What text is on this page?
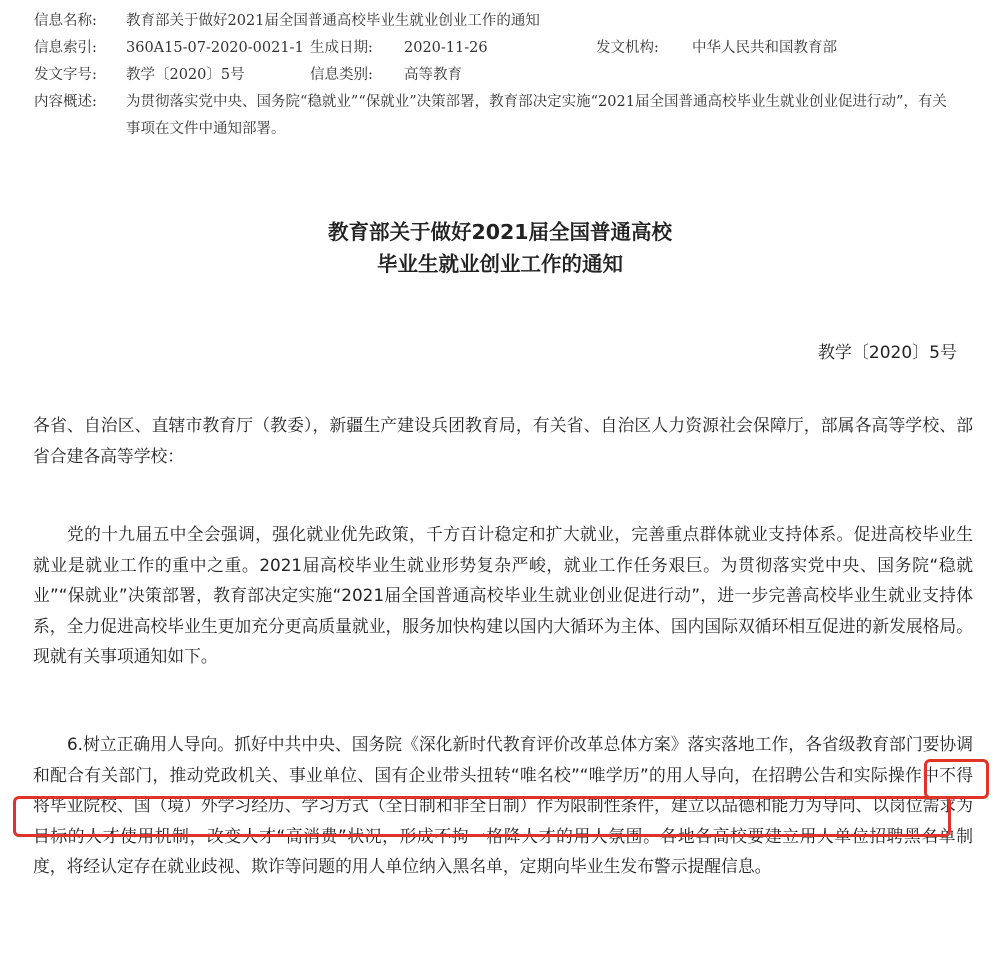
信息名称:	教育部关于做好2021届全国普通高校毕业生就业创业工作的通知
信息索引:	360A15-07-2020-0021-1 生成日期: 2020-11-26	发文机构: 中华人民共和国教育部
发文字号:	教学〔2020〕5号	信息类别: 高等教育
内容概述:	为贯彻落实党中央、国务院“稳就业”“保就业”决策部署，教育部决定实施“2021届全国普通高校毕业生就业创业促进行动”，有关事项在文件中通知部署。
教育部关于做好2021届全国普通高校
毕业生就业创业工作的通知
教学〔2020〕5号

各省、自治区、直辖市教育厅（教委），新疆生产建设兵团教育局，有关省、自治区人力资源社会保障厅，部属各高等学校、部省合建各高等学校：

党的十九届五中全会强调，强化就业优先政策，千方百计稳定和扩大就业，完善重点群体就业支持体系。促进高校毕业生就业是就业工作的重中之重。2021届高校毕业生就业形势复杂严峻，就业工作任务艰巨。为贯彻落实党中央、国务院“稳就业”“保就业”决策部署，教育部决定实施“2021届全国普通高校毕业生就业创业促进行动”，进一步完善高校毕业生就业支持体系，全力促进高校毕业生更加充分更高质量就业，服务加快构建以国内大循环为主体、国内国际双循环相互促进的新发展格局。现就有关事项通知如下。

6.树立正确用人导向。抓好中共中央、国务院《深化新时代教育评价改革总体方案》落实落地工作，各省级教育部门要协调和配合有关部门，推动党政机关、事业单位、国有企业带头扭转“唯名校”“唯学历”的用人导向，在招聘公告和实际操作中不得将毕业院校、国（境）外学习经历、学习方式（全日制和非全日制）作为限制性条件，建立以品德和能力为导向、以岗位需求为目标的人才使用机制，改变人才“高消费”状况，形成不拘一格降人才的用人氛围。各地各高校要建立用人单位招聘黑名单制度，将经认定存在就业歧视、欺诈等问题的用人单位纳入黑名单，定期向毕业生发布警示提醒信息。
